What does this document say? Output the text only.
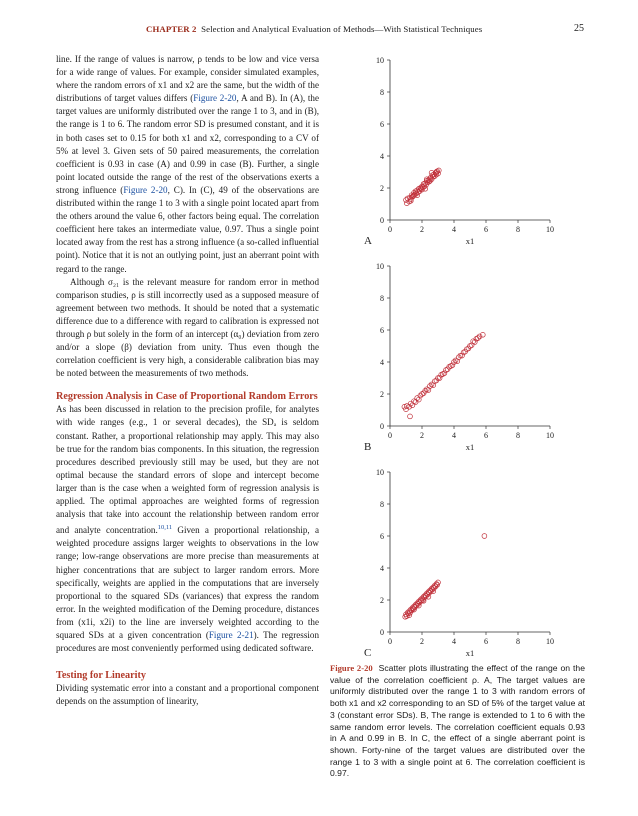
CHAPTER 2 Selection and Analytical Evaluation of Methods—With Statistical Techniques	25

line. If the range of values is narrow, ρ tends to be low and vice versa for a wide range of values. For example, consider simulated examples, where the random errors of x1 and x2 are the same, but the width of the distributions of target values differs (Figure 2-20, A and B). In (A), the target values are uniformly distributed over the range 1 to 3, and in (B), the range is 1 to 6. The random error SD is presumed constant, and it is in both cases set to 0.15 for both x1 and x2, corresponding to a CV of 5% at level 3. Given sets of 50 paired measurements, the correlation coefficient is 0.93 in case (A) and 0.99 in case (B). Further, a single point located outside the range of the rest of the observations exerts a strong influence (Figure 2-20, C). In (C), 49 of the observations are distributed within the range 1 to 3 with a single point located apart from the others around the value 6, other factors being equal. The correlation coefficient here takes an intermediate value, 0.97. Thus a single point located away from the rest has a strong influence (a so-called influential point). Notice that it is not an outlying point, just an aberrant point with regard to the range.

Although σ₂₁ is the relevant measure for random error in method comparison studies, ρ is still incorrectly used as a supposed measure of agreement between two methods. It should be noted that a systematic difference due to a difference with regard to calibration is expressed not through ρ but solely in the form of an intercept (α₀) deviation from zero and/or a slope (β) deviation from unity. Thus even though the correlation coefficient is very high, a considerable calibration bias may be noted between the measurements of two methods.

Regression Analysis in Case of Proportional Random Errors

As has been discussed in relation to the precision profile, for analytes with wide ranges (e.g., 1 or several decades), the SDₐ is seldom constant. Rather, a proportional relationship may apply. This may also be true for the random bias components. In this situation, the regression procedures described previously still may be used, but they are not optimal because the standard errors of slope and intercept become larger than is the case when a weighted form of regression analysis is applied. The optimal approaches are weighted forms of regression analysis that take into account the relationship between random error and analyte concentration.$^{10,11}$ Given a proportional relationship, a weighted procedure assigns larger weights to observations in the low range; low-range observations are more precise than measurements at higher concentrations that are subject to larger random errors. More specifically, weights are applied in the computations that are inversely proportional to the squared SDs (variances) that express the random error. In the weighted modification of the Deming procedure, distances from (x1i, x2i) to the line are inversely weighted according to the squared SDs at a given concentration (Figure 2-21). The regression procedures are most conveniently performed using dedicated software.

Testing for Linearity

Dividing systematic error into a constant and a proportional component depends on the assumption of linearity,

0	2	4	6	8	10
0
2
4
6
8
10
x1
A
0	2	4	6	8	10
0
2
4
6
8
10
x1
B
0	2	4	6	8	10
0
2
4
6
8
10
x1
C
Figure 2-20 Scatter plots illustrating the effect of the range on the value of the correlation coefficient ρ. A, The target values are uniformly distributed over the range 1 to 3 with random errors of both x1 and x2 corresponding to an SD of 5% of the target value at 3 (constant error SDs). B, The range is extended to 1 to 6 with the same random error levels. The correlation coefficient equals 0.93 in A and 0.99 in B. In C, the effect of a single aberrant point is shown. Forty-nine of the target values are distributed over the range 1 to 3 with a single point at 6. The correlation coefficient is 0.97.
